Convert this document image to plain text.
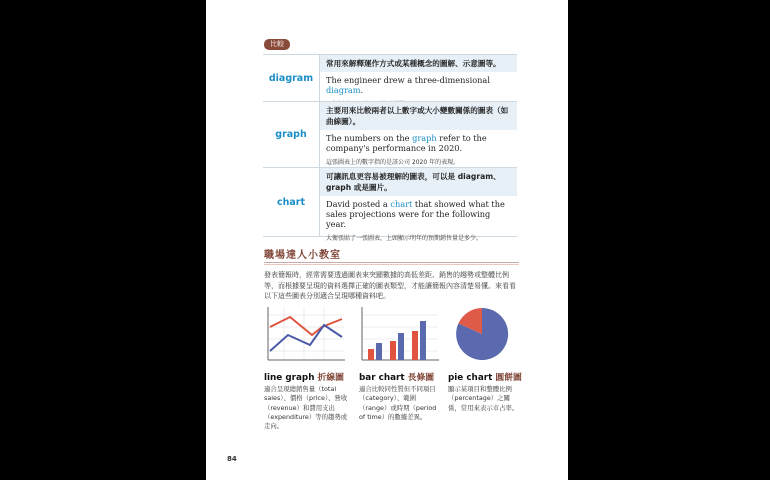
比較
diagram
常用來解釋運作方式或某種概念的圖解、示意圖等。
The engineer drew a three-dimensional diagram.
graph
主要用來比較兩者以上數字或大小變數關係的圖表（如曲線圖）。
The numbers on the graph refer to the company's performance in 2020.
這張圖表上的數字指的是該公司 2020 年的表現。
chart
可讓訊息更容易被理解的圖表，可以是 diagram、graph 或是圖片。
David posted a chart that showed what the sales projections were for the following year.
大衛張貼了一張圖表，上頭顯示明年的預期銷售量是多少。
職場達人小教室
發表簡報時，經常需要透過圖表來突顯數據的高低差距、銷售的趨勢或整體比例等，而根據要呈現的資料選擇正確的圖表類型，才能讓簡報內容清楚易懂。來看看以下這些圖表分別適合呈現哪種資料吧。
line graph 折線圖
適合呈現總銷售量（total sales）、價格（price）、營收（revenue）和費用支出（expenditure）等的趨勢或走向。
bar chart 長條圖
適合比較同性質但不同項目（category）、範圍（range）或時期（period of time）的數據差異。
pie chart 圓餅圖
顯示某項目和整體比例（percentage）之關係，常用來表示市占率。
84
